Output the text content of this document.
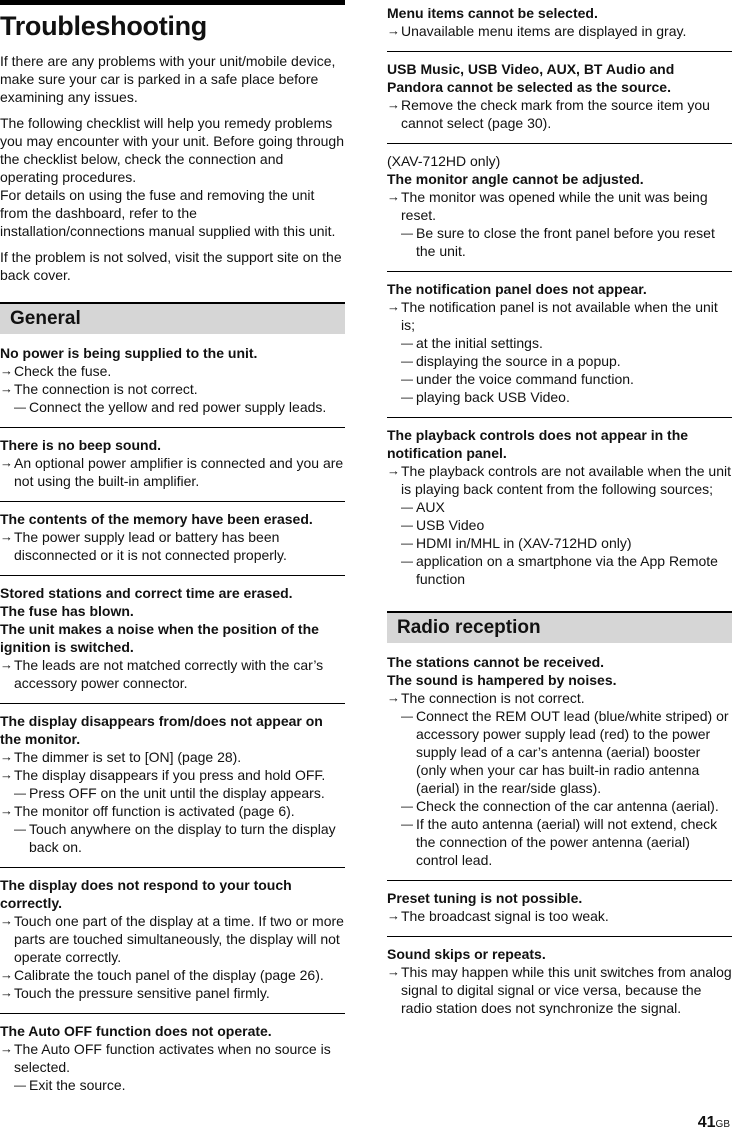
Troubleshooting

If there are any problems with your unit/mobile device, make sure your car is parked in a safe place before examining any issues.

The following checklist will help you remedy problems you may encounter with your unit. Before going through the checklist below, check the connection and operating procedures.
For details on using the fuse and removing the unit from the dashboard, refer to the installation/connections manual supplied with this unit.

If the problem is not solved, visit the support site on the back cover.

General

No power is being supplied to the unit.

→ Check the fuse.

→ The connection is not correct.

— Connect the yellow and red power supply leads.

There is no beep sound.

→ An optional power amplifier is connected and you are not using the built-in amplifier.

The contents of the memory have been erased.

→ The power supply lead or battery has been disconnected or it is not connected properly.

Stored stations and correct time are erased.
The fuse has blown.
The unit makes a noise when the position of the ignition is switched.

→ The leads are not matched correctly with the car’s accessory power connector.

The display disappears from/does not appear on the monitor.

→ The dimmer is set to [ON] (page 28).

→ The display disappears if you press and hold OFF.

— Press OFF on the unit until the display appears.

→ The monitor off function is activated (page 6).

— Touch anywhere on the display to turn the display back on.

The display does not respond to your touch correctly.

→ Touch one part of the display at a time. If two or more parts are touched simultaneously, the display will not operate correctly.

→ Calibrate the touch panel of the display (page 26).

→ Touch the pressure sensitive panel firmly.

The Auto OFF function does not operate.

→ The Auto OFF function activates when no source is selected.

— Exit the source.

Menu items cannot be selected.

→ Unavailable menu items are displayed in gray.

USB Music, USB Video, AUX, BT Audio and Pandora cannot be selected as the source.

→ Remove the check mark from the source item you cannot select (page 30).

(XAV-712HD only)

The monitor angle cannot be adjusted.

→ The monitor was opened while the unit was being reset.

— Be sure to close the front panel before you reset the unit.

The notification panel does not appear.

→ The notification panel is not available when the unit is;

— at the initial settings.

— displaying the source in a popup.

— under the voice command function.

— playing back USB Video.

The playback controls does not appear in the notification panel.

→ The playback controls are not available when the unit is playing back content from the following sources;

— AUX

— USB Video

— HDMI in/MHL in (XAV-712HD only)

— application on a smartphone via the App Remote function

Radio reception

The stations cannot be received.
The sound is hampered by noises.

→ The connection is not correct.

— Connect the REM OUT lead (blue/white striped) or accessory power supply lead (red) to the power supply lead of a car’s antenna (aerial) booster (only when your car has built-in radio antenna (aerial) in the rear/side glass).

— Check the connection of the car antenna (aerial).

— If the auto antenna (aerial) will not extend, check the connection of the power antenna (aerial) control lead.

Preset tuning is not possible.

→ The broadcast signal is too weak.

Sound skips or repeats.

→ This may happen while this unit switches from analog signal to digital signal or vice versa, because the radio station does not synchronize the signal.

41GB
